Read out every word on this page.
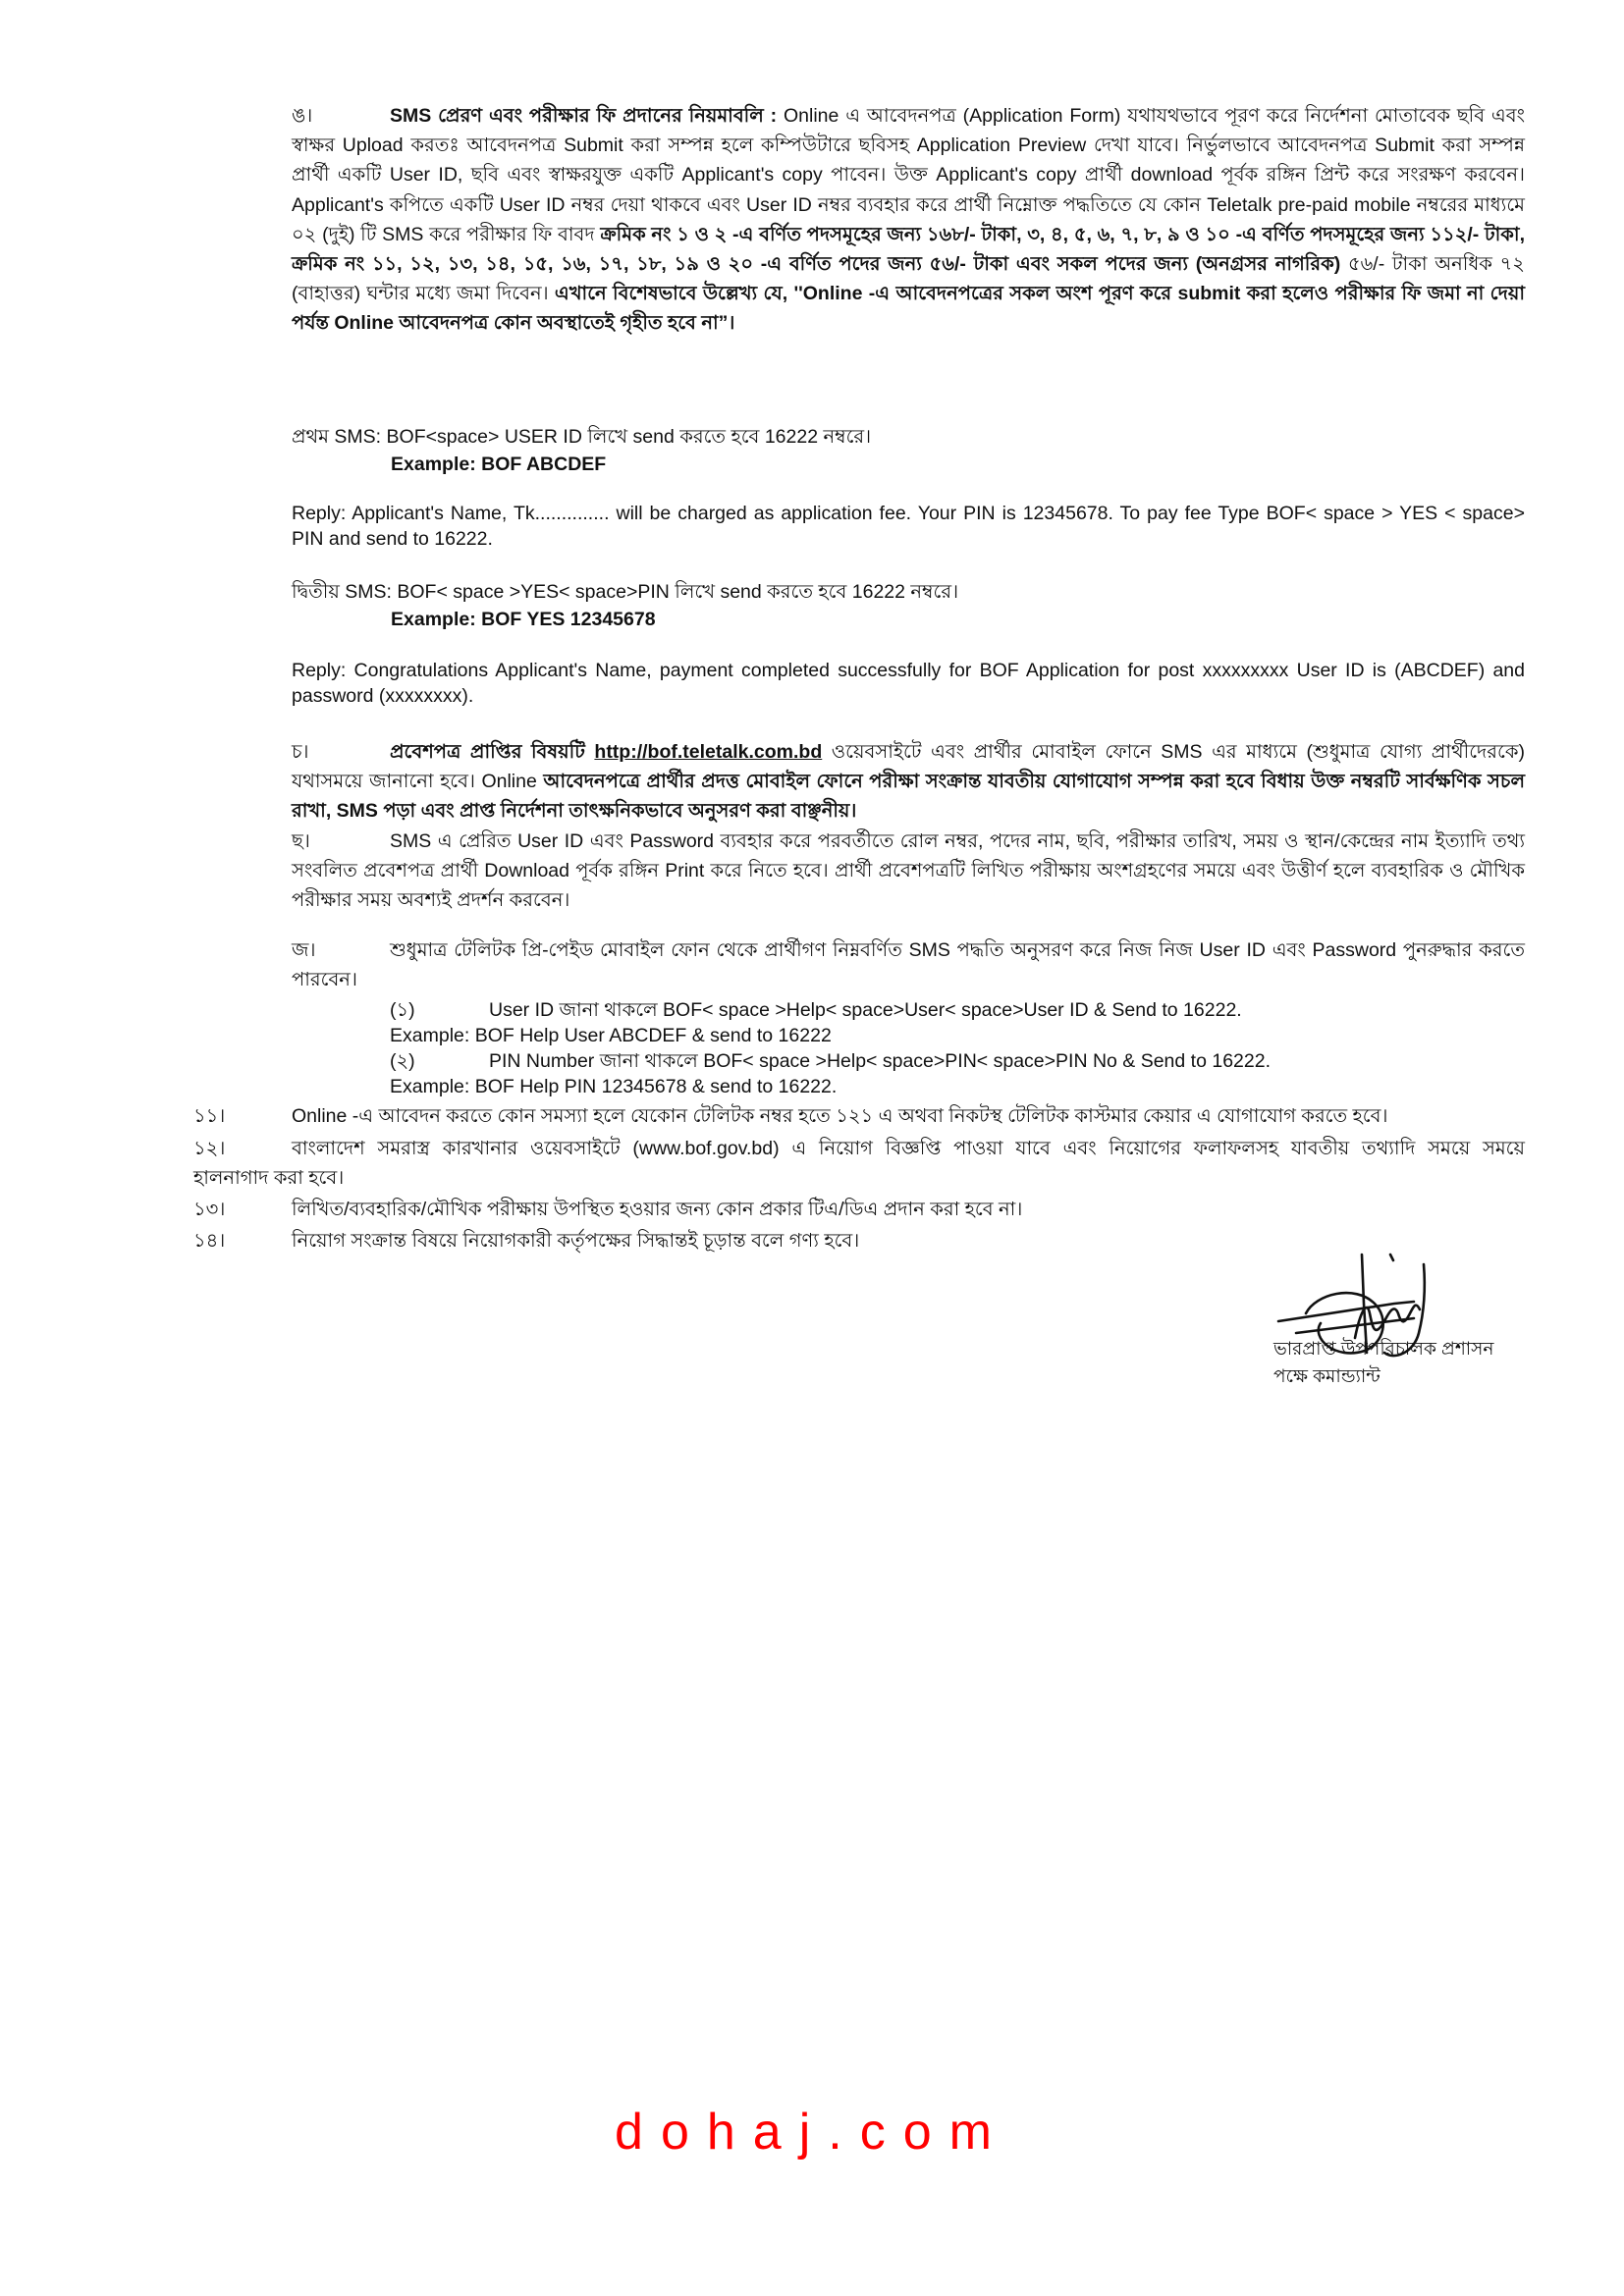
ঙ।	SMS প্রেরণ এবং পরীক্ষার ফি প্রদানের নিয়মাবলি : Online এ আবেদনপত্র (Application Form) যথাযথভাবে পূরণ করে নির্দেশনা মোতাবেক ছবি এবং স্বাক্ষর Upload করতঃ আবেদনপত্র Submit করা সম্পন্ন হলে কম্পিউটারে ছবিসহ Application Preview দেখা যাবে। নির্ভুলভাবে আবেদনপত্র Submit করা সম্পন্ন প্রার্থী একটি User ID, ছবি এবং স্বাক্ষরযুক্ত একটি Applicant's copy পাবেন। উক্ত Applicant's copy প্রার্থী download পূর্বক রঙ্গিন প্রিন্ট করে সংরক্ষণ করবেন। Applicant's কপিতে একটি User ID নম্বর দেয়া থাকবে এবং User ID নম্বর ব্যবহার করে প্রার্থী নিম্নোক্ত পদ্ধতিতে যে কোন Teletalk pre-paid mobile নম্বরের মাধ্যমে ০২ (দুই) টি SMS করে পরীক্ষার ফি বাবদ ক্রমিক নং ১ ও ২ -এ বর্ণিত পদসমূহের জন্য ১৬৮/- টাকা, ৩, ৪, ৫, ৬, ৭, ৮, ৯ ও ১০ -এ বর্ণিত পদসমূহের জন্য ১১২/- টাকা, ক্রমিক নং ১১, ১২, ১৩, ১৪, ১৫, ১৬, ১৭, ১৮, ১৯ ও ২০ -এ বর্ণিত পদের জন্য ৫৬/- টাকা এবং সকল পদের জন্য (অনগ্রসর নাগরিক) ৫৬/- টাকা অনধিক ৭২ (বাহাত্তর) ঘন্টার মধ্যে জমা দিবেন। এখানে বিশেষভাবে উল্লেখ্য যে, ''Online -এ আবেদনপত্রের সকল অংশ পূরণ করে submit করা হলেও পরীক্ষার ফি জমা না দেয়া পর্যন্ত Online আবেদনপত্র কোন অবস্থাতেই গৃহীত হবে না”।
প্রথম SMS: BOF<space> USER ID লিখে send করতে হবে 16222 নম্বরে।
Example: BOF ABCDEF
Reply: Applicant's Name, Tk.............. will be charged as application fee. Your PIN is 12345678. To pay fee Type BOF< space > YES < space> PIN and send to 16222.
দ্বিতীয় SMS: BOF< space >YES< space>PIN লিখে send করতে হবে 16222 নম্বরে।
Example: BOF YES 12345678
Reply: Congratulations Applicant's Name, payment completed successfully for BOF Application for post xxxxxxxxx User ID is (ABCDEF) and password (xxxxxxxx).
চ।	প্রবেশপত্র প্রাপ্তির বিষয়টি http://bof.teletalk.com.bd ওয়েবসাইটে এবং প্রার্থীর মোবাইল ফোনে SMS এর মাধ্যমে (শুধুমাত্র যোগ্য প্রার্থীদেরকে) যথাসময়ে জানানো হবে। Online আবেদনপত্রে প্রার্থীর প্রদত্ত মোবাইল ফোনে পরীক্ষা সংক্রান্ত যাবতীয় যোগাযোগ সম্পন্ন করা হবে বিধায় উক্ত নম্বরটি সার্বক্ষণিক সচল রাখা, SMS পড়া এবং প্রাপ্ত নির্দেশনা তাৎক্ষনিকভাবে অনুসরণ করা বাঞ্ছনীয়।
ছ।	SMS এ প্রেরিত User ID এবং Password ব্যবহার করে পরবর্তীতে রোল নম্বর, পদের নাম, ছবি, পরীক্ষার তারিখ, সময় ও স্থান/কেন্দ্রের নাম ইত্যাদি তথ্য সংবলিত প্রবেশপত্র প্রার্থী Download পূর্বক রঙ্গিন Print করে নিতে হবে। প্রার্থী প্রবেশপত্রটি লিখিত পরীক্ষায় অংশগ্রহণের সময়ে এবং উত্তীর্ণ হলে ব্যবহারিক ও মৌখিক পরীক্ষার সময় অবশ্যই প্রদর্শন করবেন।
জ।	শুধুমাত্র টেলিটক প্রি-পেইড মোবাইল ফোন থেকে প্রার্থীগণ নিম্নবর্ণিত SMS পদ্ধতি অনুসরণ করে নিজ নিজ User ID এবং Password পুনরুদ্ধার করতে পারবেন।
(১)	User ID জানা থাকলে BOF< space >Help< space>User< space>User ID & Send to 16222.
Example: BOF Help User ABCDEF & send to 16222
(২)	PIN Number জানা থাকলে BOF< space >Help< space>PIN< space>PIN No & Send to 16222.
Example: BOF Help PIN 12345678 & send to 16222.
১১।	Online -এ আবেদন করতে কোন সমস্যা হলে যেকোন টেলিটক নম্বর হতে ১২১ এ অথবা নিকটস্থ টেলিটক কাস্টমার কেয়ার এ যোগাযোগ করতে হবে।
১২।	বাংলাদেশ সমরাস্ত্র কারখানার ওয়েবসাইটে (www.bof.gov.bd) এ নিয়োগ বিজ্ঞপ্তি পাওয়া যাবে এবং নিয়োগের ফলাফলসহ যাবতীয় তথ্যাদি সময়ে সময়ে
হালনাগাদ করা হবে।
১৩।	লিখিত/ব্যবহারিক/মৌখিক পরীক্ষায় উপস্থিত হওয়ার জন্য কোন প্রকার টিএ/ডিএ প্রদান করা হবে না।
১৪।	নিয়োগ সংক্রান্ত বিষয়ে নিয়োগকারী কর্তৃপক্ষের সিদ্ধান্তই চূড়ান্ত বলে গণ্য হবে।
ভারপ্রাপ্ত উপপরিচালক প্রশাসন
পক্ষে কমান্ড্যান্ট
dohaj.com
